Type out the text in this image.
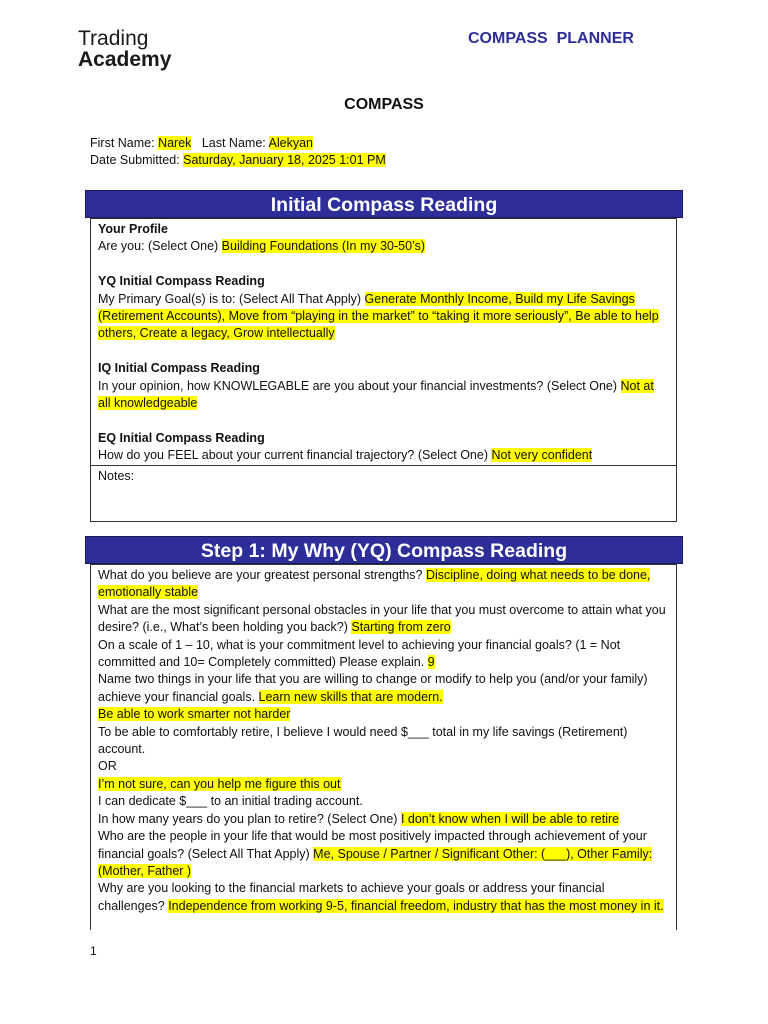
Trading
Academy
COMPASS  PLANNER
COMPASS
First Name: Narek   Last Name: Alekyan
Date Submitted: Saturday, January 18, 2025 1:01 PM
Initial Compass Reading
Your Profile
Are you: (Select One) Building Foundations (In my 30-50’s)
YQ Initial Compass Reading
My Primary Goal(s) is to: (Select All That Apply) Generate Monthly Income, Build my Life Savings (Retirement Accounts), Move from “playing in the market” to “taking it more seriously”, Be able to help others, Create a legacy, Grow intellectually
IQ Initial Compass Reading
In your opinion, how KNOWLEGABLE are you about your financial investments? (Select One) Not at all knowledgeable
EQ Initial Compass Reading
How do you FEEL about your current financial trajectory? (Select One) Not very confident
Notes:
Step 1: My Why (YQ) Compass Reading
What do you believe are your greatest personal strengths? Discipline, doing what needs to be done, emotionally stable
What are the most significant personal obstacles in your life that you must overcome to attain what you desire? (i.e., What’s been holding you back?) Starting from zero
On a scale of 1 – 10, what is your commitment level to achieving your financial goals? (1 = Not committed and 10= Completely committed) Please explain. 9
Name two things in your life that you are willing to change or modify to help you (and/or your family) achieve your financial goals. Learn new skills that are modern.
Be able to work smarter not harder
To be able to comfortably retire, I believe I would need $___ total in my life savings (Retirement) account.
OR
I’m not sure, can you help me figure this out
I can dedicate $___ to an initial trading account.
In how many years do you plan to retire? (Select One) I don’t know when I will be able to retire
Who are the people in your life that would be most positively impacted through achievement of your financial goals? (Select All That Apply) Me, Spouse / Partner / Significant Other: (___), Other Family: (Mother, Father )
Why are you looking to the financial markets to achieve your goals or address your financial challenges? Independence from working 9-5, financial freedom, industry that has the most money in it.
1
